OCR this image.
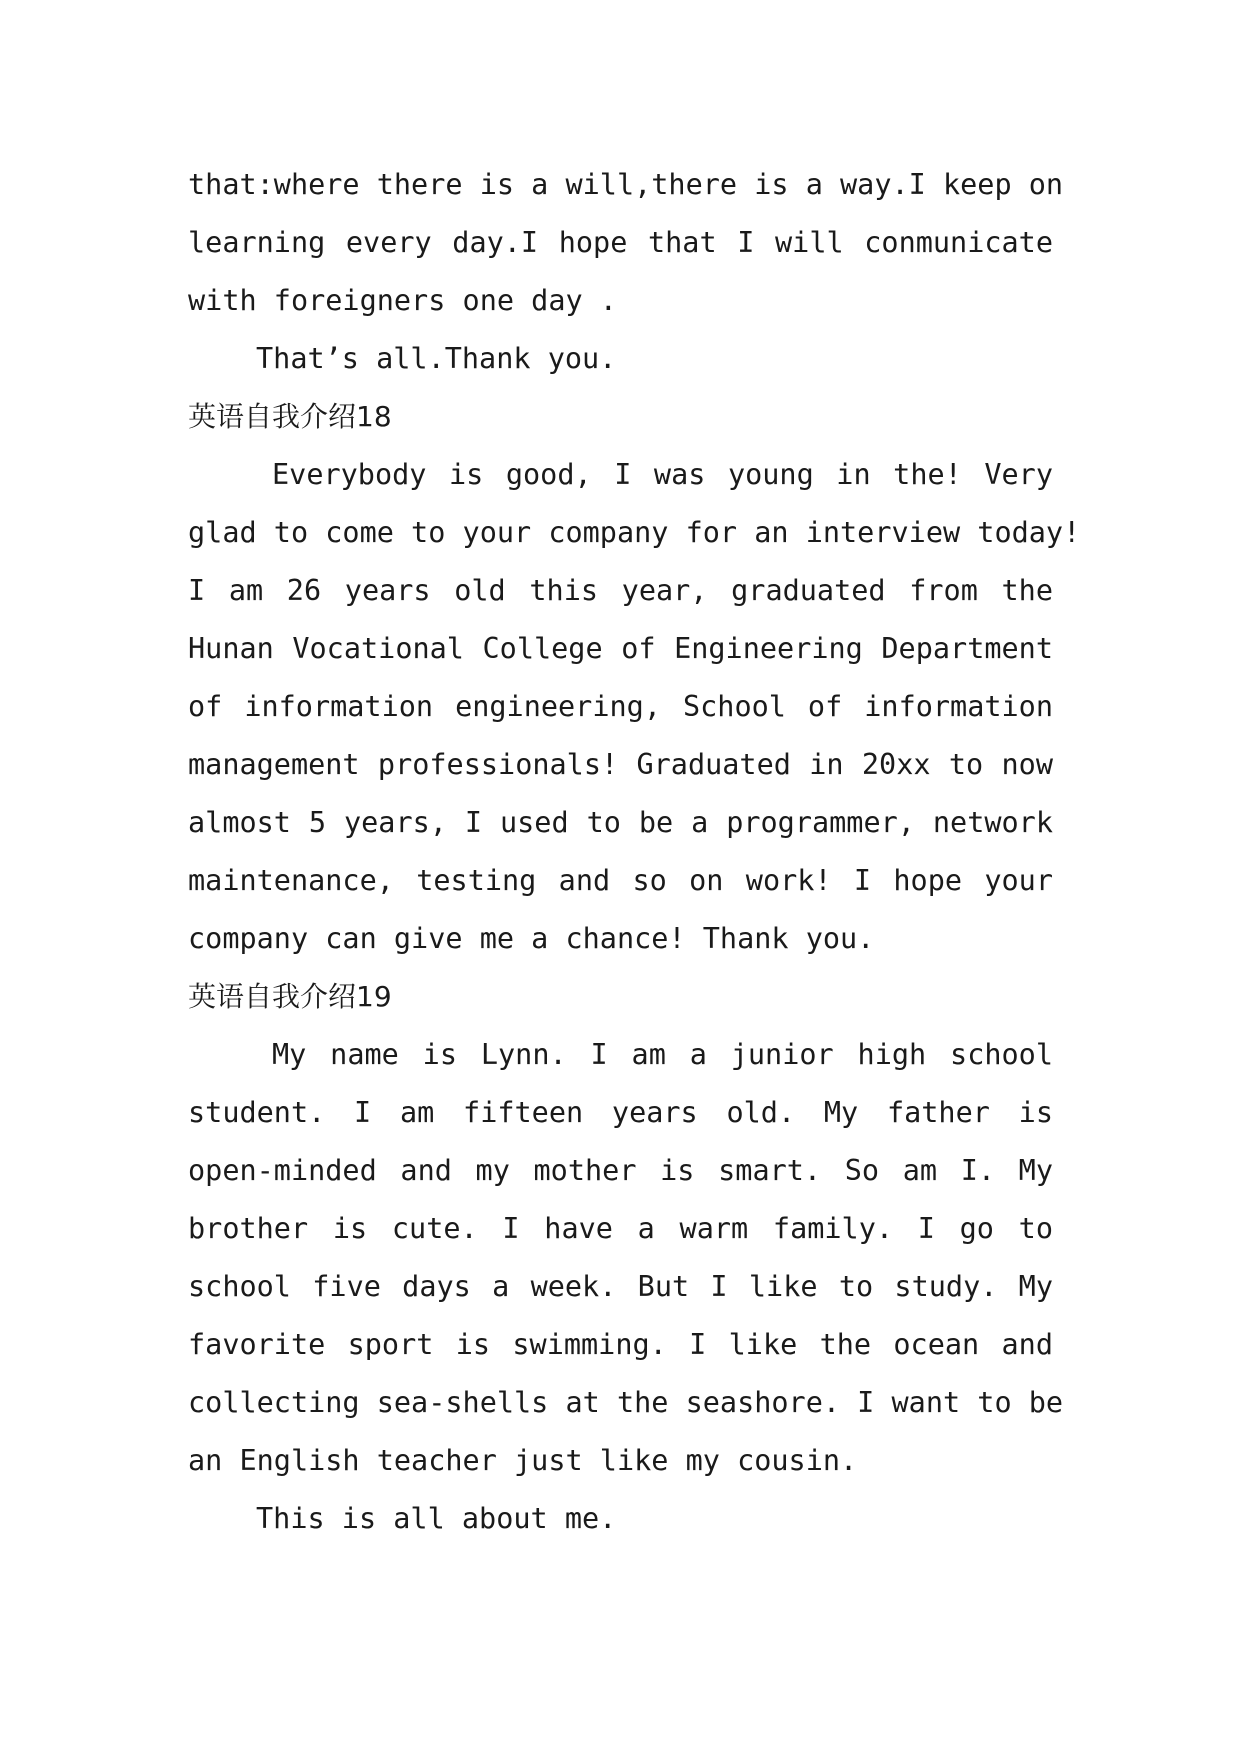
that:where there is a will,there is a way.I keep on

learning every day.I hope that I will conmunicate

with foreigners one day .

That’s all.Thank you.

英语自我介绍18

Everybody is good, I was young in the! Very

glad to come to your company for an interview today!

I am 26 years old this year, graduated from the

Hunan Vocational College of Engineering Department

of information engineering, School of information

management professionals! Graduated in 20xx to now

almost 5 years, I used to be a programmer, network

maintenance, testing and so on work! I hope your

company can give me a chance! Thank you.

英语自我介绍19

My name is Lynn. I am a junior high school

student. I am fifteen years old. My father is

open-minded and my mother is smart. So am I. My

brother is cute. I have a warm family. I go to

school five days a week. But I like to study. My

favorite sport is swimming. I like the ocean and

collecting sea-shells at the seashore. I want to be

an English teacher just like my cousin.

This is all about me.
